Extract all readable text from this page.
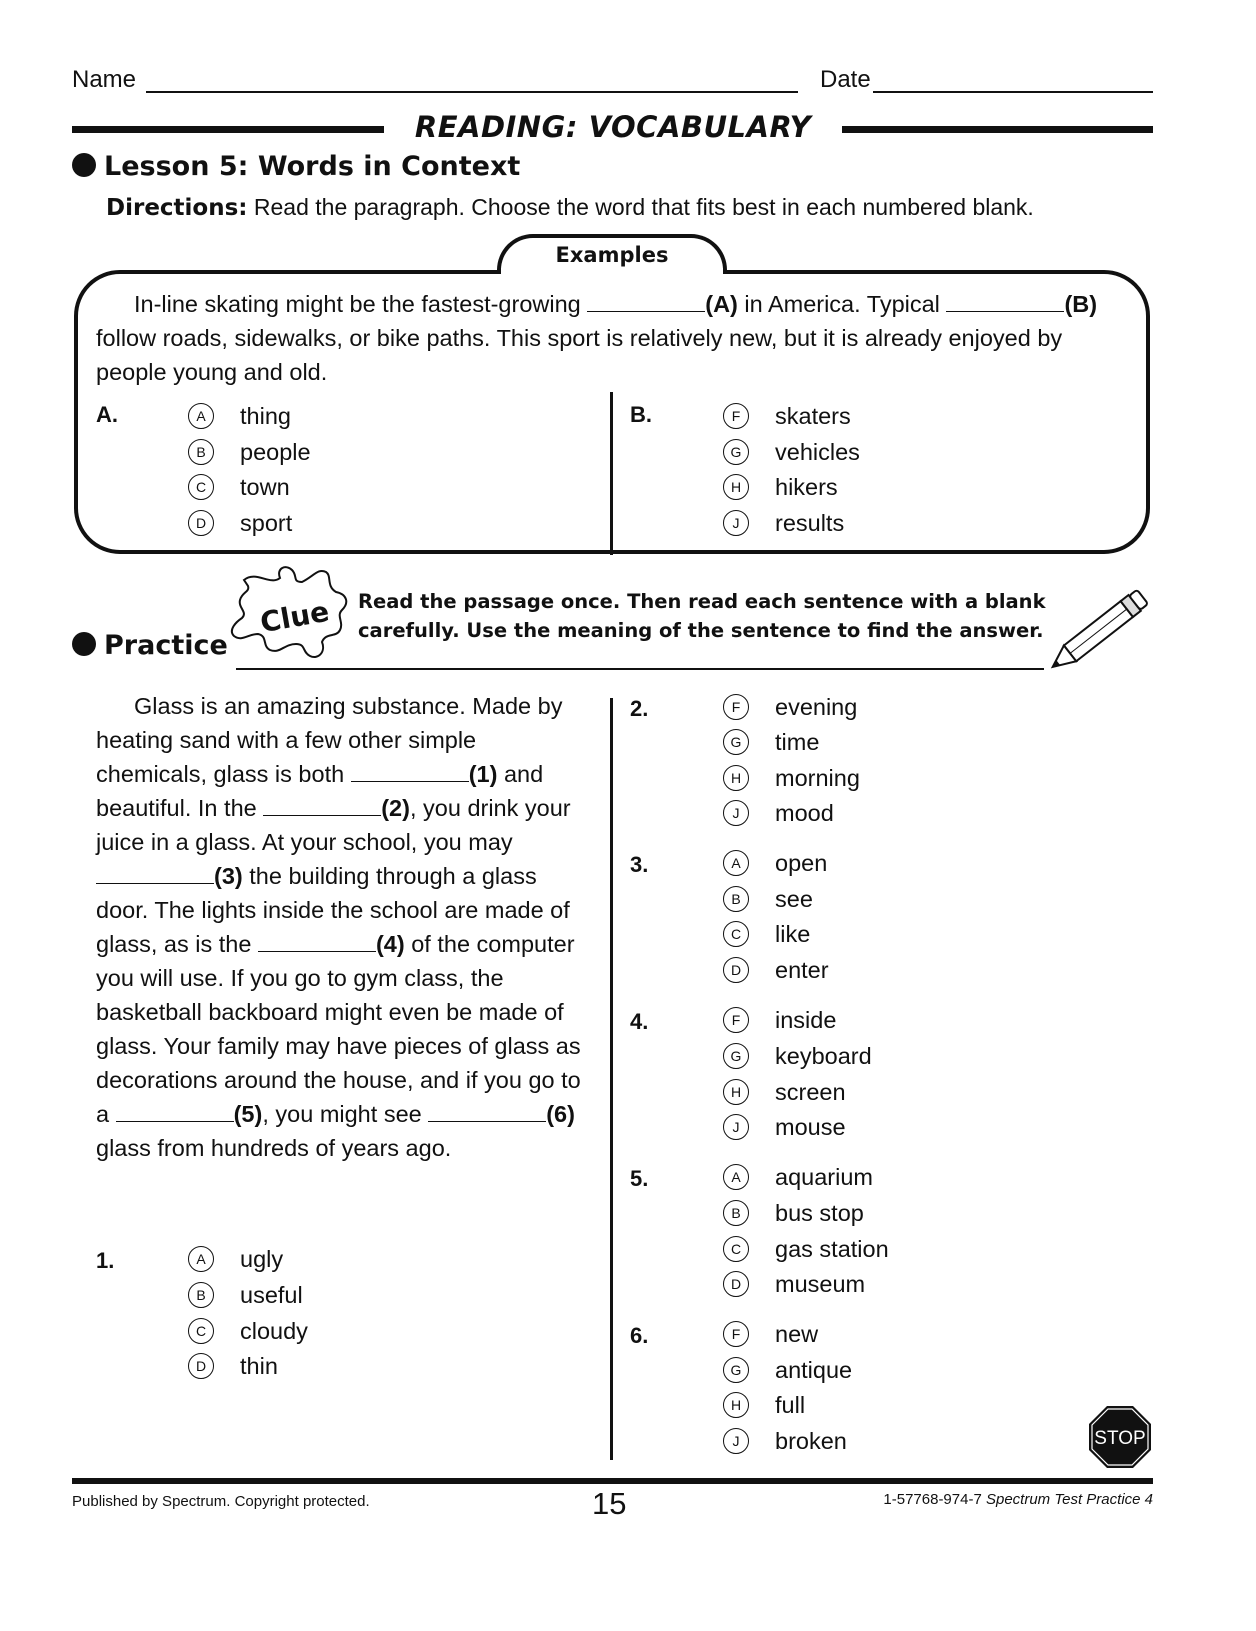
Name	Date
READING: VOCABULARY
Lesson 5: Words in Context
Directions: Read the paragraph. Choose the word that fits best in each numbered blank.
Examples
In-line skating might be the fastest-growing	(A) in America. Typical	(B)
follow roads, sidewalks, or bike paths. This sport is relatively new, but it is already enjoyed by
people young and old.
A.	A	thing
B	people
C	town
D	sport
B.	F	skaters
G	vehicles
H	hikers
J	results
Practice
Clue Read the passage once. Then read each sentence with a blank
carefully. Use the meaning of the sentence to find the answer.
Glass is an amazing substance. Made by
heating sand with a few other simple
chemicals, glass is both	(1) and
beautiful. In the	(2), you drink your
juice in a glass. At your school, you may
(3) the building through a glass
door. The lights inside the school are made of
glass, as is the	(4) of the computer
you will use. If you go to gym class, the
basketball backboard might even be made of
glass. Your family may have pieces of glass as
decorations around the house, and if you go to
a	(5), you might see	(6)
glass from hundreds of years ago.
1.	A	ugly
B	useful
C	cloudy
D	thin
2.	F	evening
G	time
H	morning
J	mood
3.	A	open
B	see
C	like
D	enter
4.	F	inside
G	keyboard
H	screen
J	mouse
5.	A	aquarium
B	bus stop
C	gas station
D	museum
6.	F	new
G	antique
H	full
J	broken	STOP
Published by Spectrum. Copyright protected.	15	1-57768-974-7 Spectrum Test Practice 4
